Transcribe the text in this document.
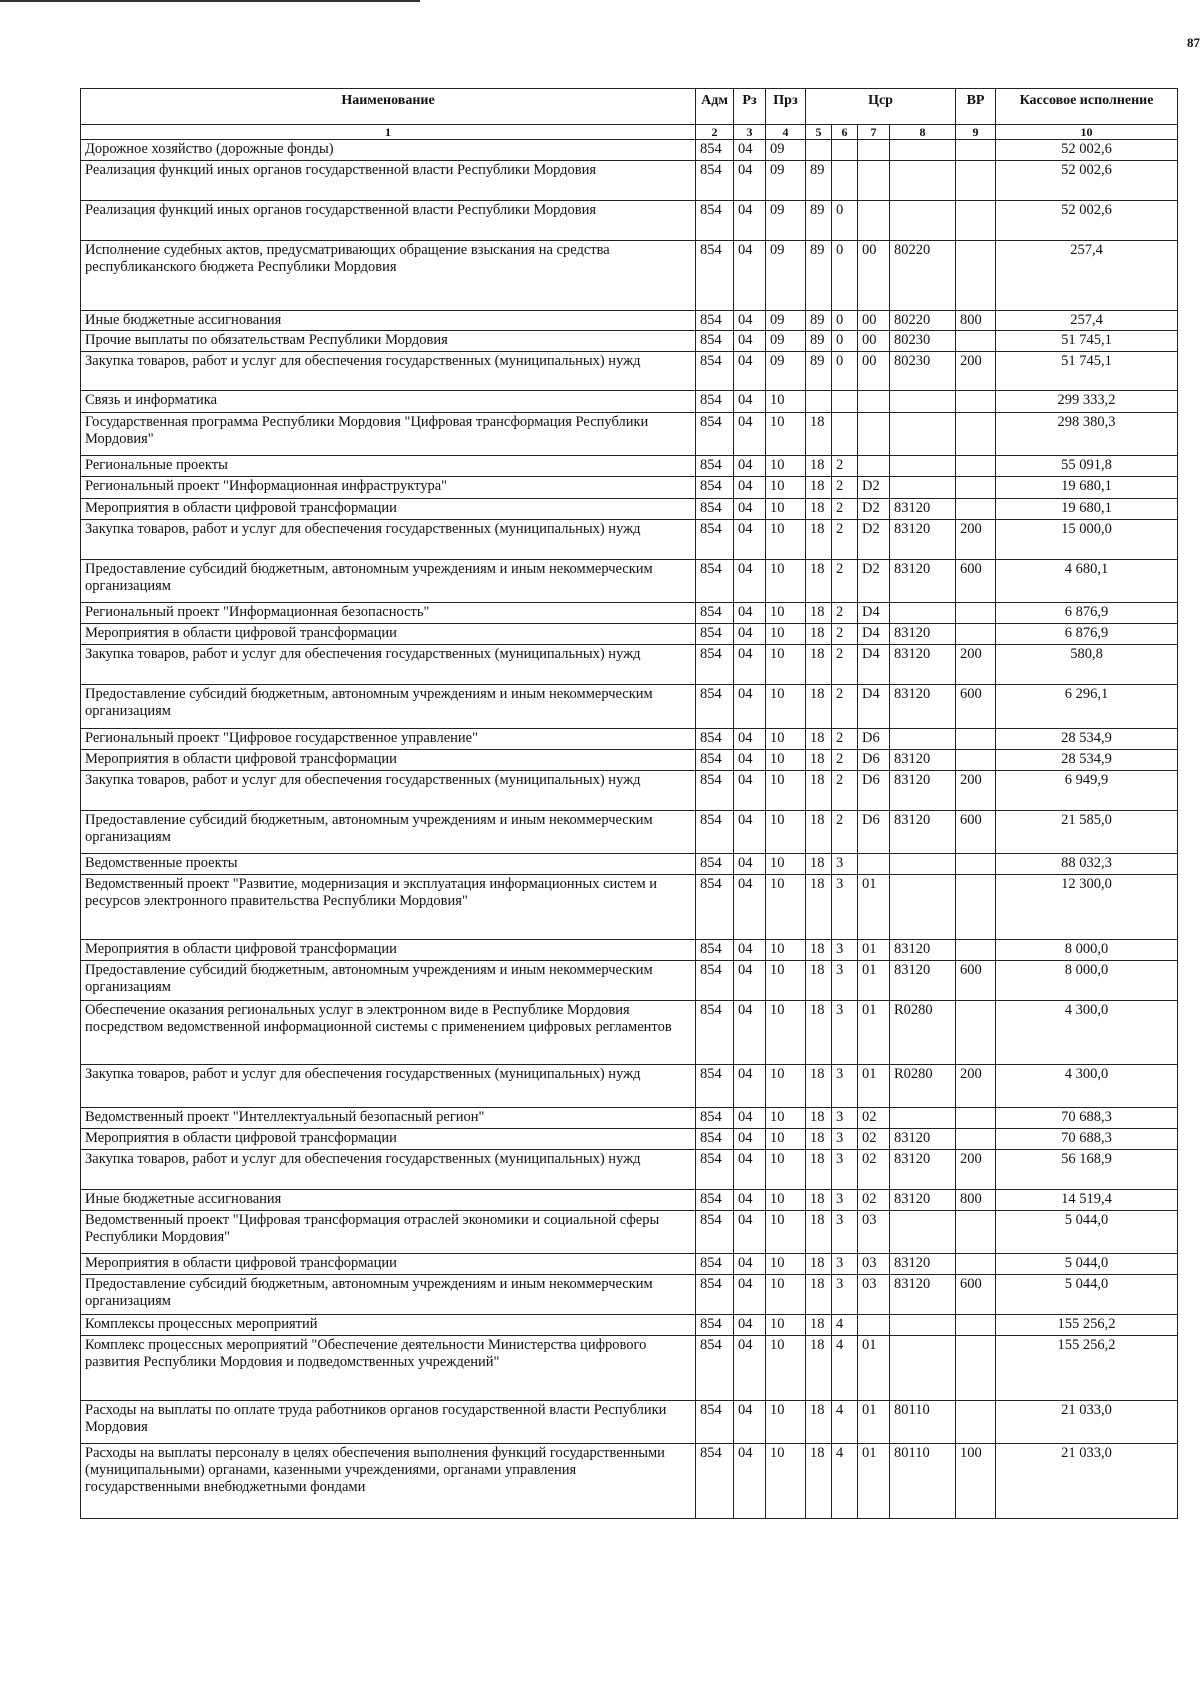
87
Наименование	Адм	Рз	Прз	Цср				ВР	Кассовое исполнение
1	2	3	4	5	6	7	8	9	10
Дорожное хозяйство (дорожные фонды)	854	04	09						52 002,6
Реализация функций иных органов государственной власти Республики Мордовия	854	04	09	89					52 002,6
Реализация функций иных органов государственной власти Республики Мордовия	854	04	09	89	0				52 002,6
Исполнение судебных актов, предусматривающих обращение взыскания на средства республиканского бюджета Республики Мордовия	854	04	09	89	0	00	80220		257,4
Иные бюджетные ассигнования	854	04	09	89	0	00	80220	800	257,4
Прочие выплаты по обязательствам Республики Мордовия	854	04	09	89	0	00	80230		51 745,1
Закупка товаров, работ и услуг для обеспечения государственных (муниципальных) нужд	854	04	09	89	0	00	80230	200	51 745,1
Связь и информатика	854	04	10						299 333,2
Государственная программа Республики Мордовия "Цифровая трансформация Республики Мордовия"	854	04	10	18					298 380,3
Региональные проекты	854	04	10	18	2				55 091,8
Региональный проект "Информационная инфраструктура"	854	04	10	18	2	D2			19 680,1
Мероприятия в области цифровой трансформации	854	04	10	18	2	D2	83120		19 680,1
Закупка товаров, работ и услуг для обеспечения государственных (муниципальных) нужд	854	04	10	18	2	D2	83120	200	15 000,0
Предоставление субсидий бюджетным, автономным учреждениям и иным некоммерческим организациям	854	04	10	18	2	D2	83120	600	4 680,1
Региональный проект "Информационная безопасность"	854	04	10	18	2	D4			6 876,9
Мероприятия в области цифровой трансформации	854	04	10	18	2	D4	83120		6 876,9
Закупка товаров, работ и услуг для обеспечения государственных (муниципальных) нужд	854	04	10	18	2	D4	83120	200	580,8
Предоставление субсидий бюджетным, автономным учреждениям и иным некоммерческим организациям	854	04	10	18	2	D4	83120	600	6 296,1
Региональный проект "Цифровое государственное управление"	854	04	10	18	2	D6			28 534,9
Мероприятия в области цифровой трансформации	854	04	10	18	2	D6	83120		28 534,9
Закупка товаров, работ и услуг для обеспечения государственных (муниципальных) нужд	854	04	10	18	2	D6	83120	200	6 949,9
Предоставление субсидий бюджетным, автономным учреждениям и иным некоммерческим организациям	854	04	10	18	2	D6	83120	600	21 585,0
Ведомственные проекты	854	04	10	18	3				88 032,3
Ведомственный проект "Развитие, модернизация и эксплуатация информационных систем и ресурсов электронного правительства Республики Мордовия"	854	04	10	18	3	01			12 300,0
Мероприятия в области цифровой трансформации	854	04	10	18	3	01	83120		8 000,0
Предоставление субсидий бюджетным, автономным учреждениям и иным некоммерческим организациям	854	04	10	18	3	01	83120	600	8 000,0
Обеспечение оказания региональных услуг в электронном виде в Республике Мордовия посредством ведомственной информационной системы с применением цифровых регламентов	854	04	10	18	3	01	R0280		4 300,0
Закупка товаров, работ и услуг для обеспечения государственных (муниципальных) нужд	854	04	10	18	3	01	R0280	200	4 300,0
Ведомственный проект "Интеллектуальный безопасный регион"	854	04	10	18	3	02			70 688,3
Мероприятия в области цифровой трансформации	854	04	10	18	3	02	83120		70 688,3
Закупка товаров, работ и услуг для обеспечения государственных (муниципальных) нужд	854	04	10	18	3	02	83120	200	56 168,9
Иные бюджетные ассигнования	854	04	10	18	3	02	83120	800	14 519,4
Ведомственный проект "Цифровая трансформация отраслей экономики и социальной сферы Республики Мордовия"	854	04	10	18	3	03			5 044,0
Мероприятия в области цифровой трансформации	854	04	10	18	3	03	83120		5 044,0
Предоставление субсидий бюджетным, автономным учреждениям и иным некоммерческим организациям	854	04	10	18	3	03	83120	600	5 044,0
Комплексы процессных мероприятий	854	04	10	18	4				155 256,2
Комплекс процессных мероприятий "Обеспечение деятельности Министерства цифрового развития Республики Мордовия и подведомственных учреждений"	854	04	10	18	4	01			155 256,2
Расходы на выплаты по оплате труда работников органов государственной власти Республики Мордовия	854	04	10	18	4	01	80110		21 033,0
Расходы на выплаты персоналу в целях обеспечения выполнения функций государственными (муниципальными) органами, казенными учреждениями, органами управления государственными внебюджетными фондами	854	04	10	18	4	01	80110	100	21 033,0
